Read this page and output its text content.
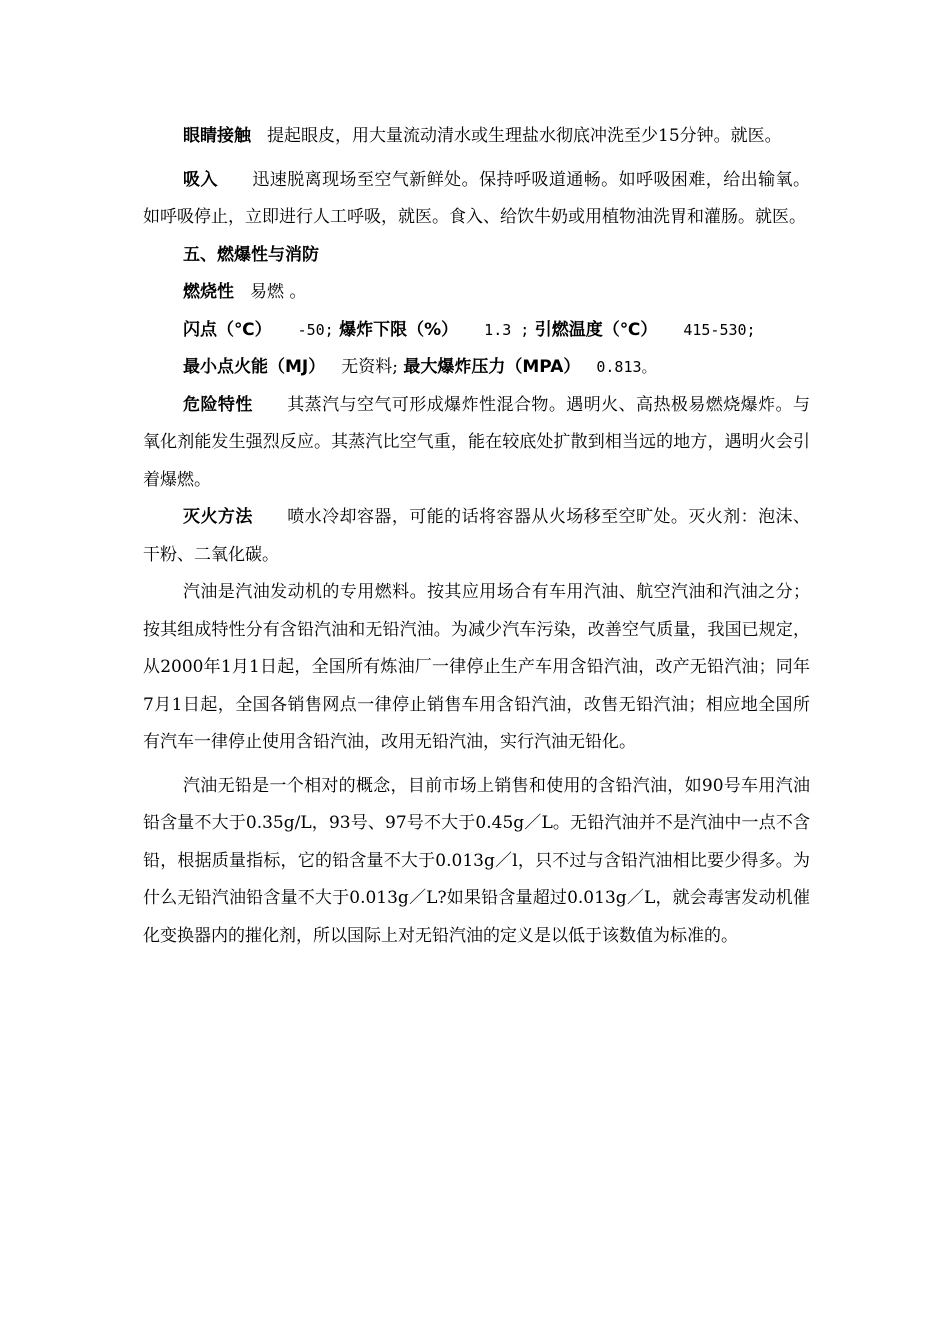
眼睛接触 提起眼皮，用大量流动清水或生理盐水彻底冲洗至少15分钟。就医。

吸入 迅速脱离现场至空气新鲜处。保持呼吸道通畅。如呼吸困难，给出输氧。如呼吸停止，立即进行人工呼吸，就医。食入、给饮牛奶或用植物油洗胃和灌肠。就医。

五、燃爆性与消防

燃烧性 易燃 。

闪点（℃） -50; 爆炸下限（%） 1.3 ; 引燃温度（℃） 415-530;

最小点火能（MJ） 无资料; 最大爆炸压力（MPA） 0.813。

危险特性 其蒸汽与空气可形成爆炸性混合物。遇明火、高热极易燃烧爆炸。与氧化剂能发生强烈反应。其蒸汽比空气重，能在较底处扩散到相当远的地方，遇明火会引着爆燃。

灭火方法 喷水冷却容器，可能的话将容器从火场移至空旷处。灭火剂：泡沫、干粉、二氧化碳。

汽油是汽油发动机的专用燃料。按其应用场合有车用汽油、航空汽油和汽油之分；按其组成特性分有含铅汽油和无铅汽油。为减少汽车污染，改善空气质量，我国已规定，从2000年1月1日起，全国所有炼油厂一律停止生产车用含铅汽油，改产无铅汽油；同年7月1日起，全国各销售网点一律停止销售车用含铅汽油，改售无铅汽油；相应地全国所有汽车一律停止使用含铅汽油，改用无铅汽油，实行汽油无铅化。

汽油无铅是一个相对的概念，目前市场上销售和使用的含铅汽油，如90号车用汽油铅含量不大于0.35g/L，93号、97号不大于0.45g／L。无铅汽油并不是汽油中一点不含铅，根据质量指标，它的铅含量不大于0.013g／l，只不过与含铅汽油相比要少得多。为什么无铅汽油铅含量不大于0.013g／L?如果铅含量超过0.013g／L，就会毒害发动机催化变换器内的摧化剂，所以国际上对无铅汽油的定义是以低于该数值为标准的。
